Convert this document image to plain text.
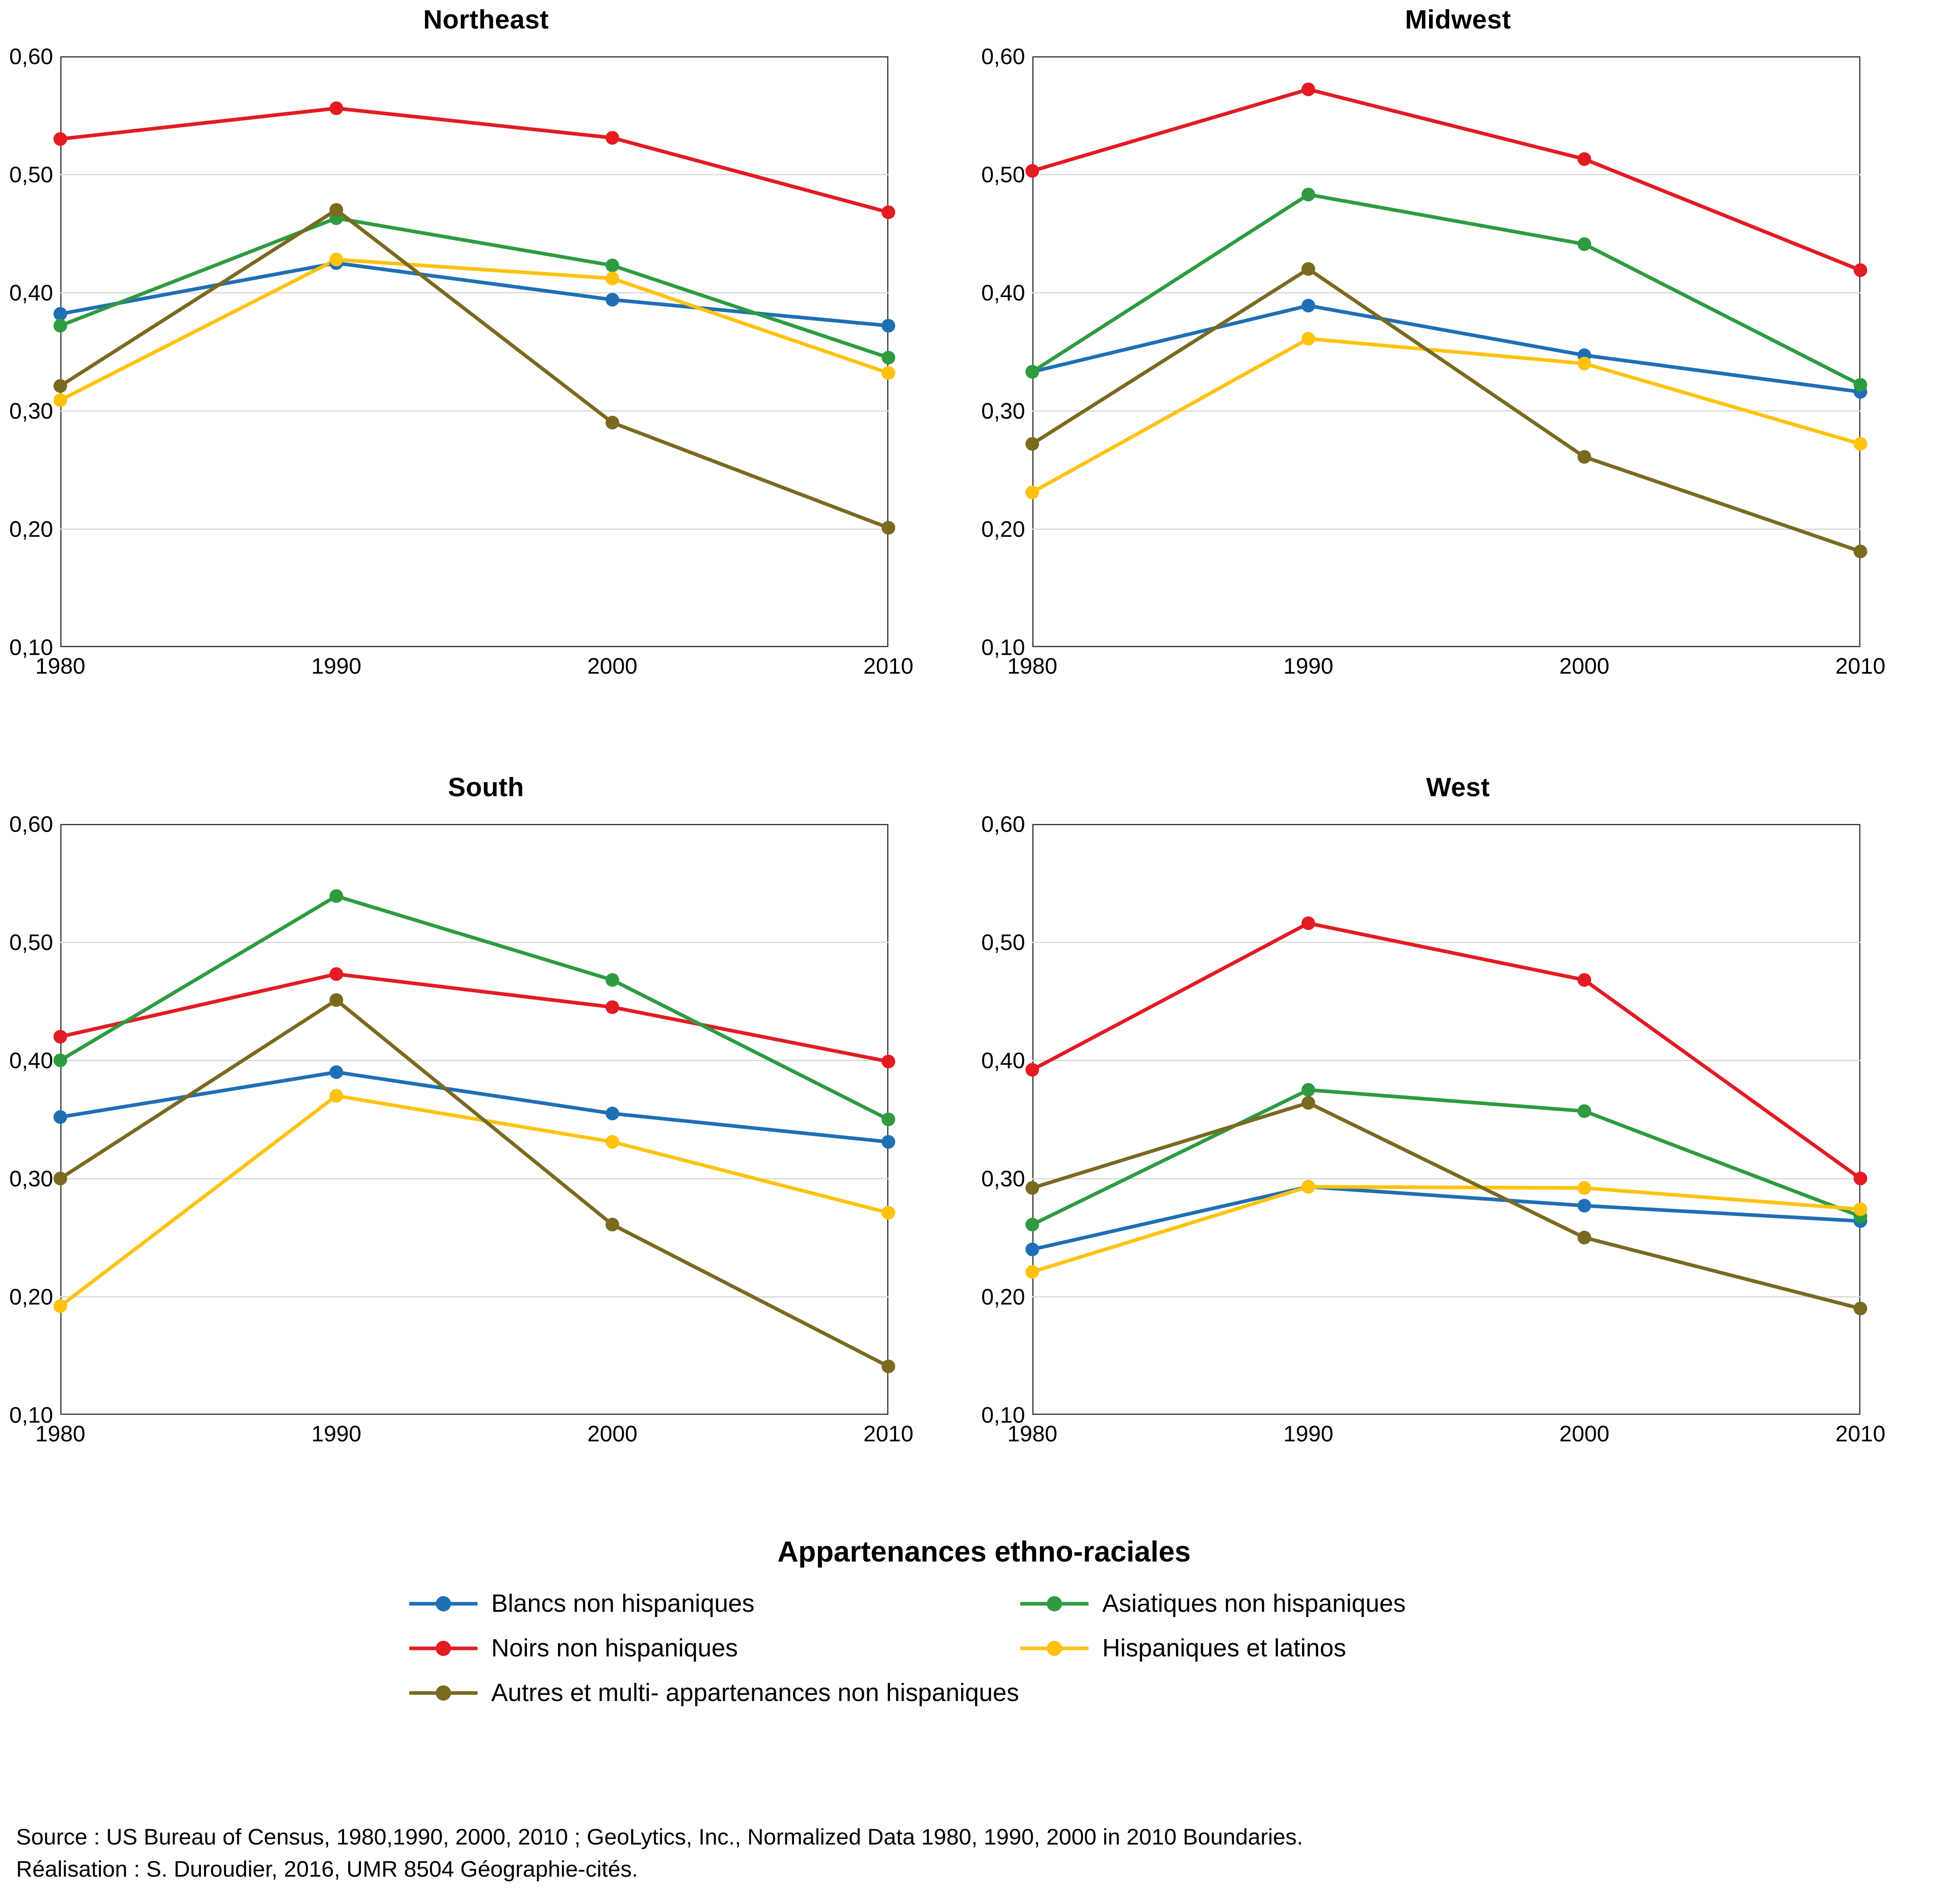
Northeast
0,10
0,20
0,30
0,40
0,50
0,60
1980	1990	2000	2010
Midwest
0,10
0,20
0,30
0,40
0,50
0,60
1980	1990	2000	2010
South
0,10
0,20
0,30
0,40
0,50
0,60
1980	1990	2000	2010
West
0,10
0,20
0,30
0,40
0,50
0,60
1980	1990	2000	2010
Appartenances ethno-raciales
Blancs non hispaniques	Asiatiques non hispaniques
Noirs non hispaniques	Hispaniques et latinos
Autres et multi- appartenances non hispaniques
Source : US Bureau of Census, 1980,1990, 2000, 2010 ; GeoLytics, Inc., Normalized Data 1980, 1990, 2000 in 2010 Boundaries.
Réalisation : S. Duroudier, 2016, UMR 8504 Géographie-cités.
